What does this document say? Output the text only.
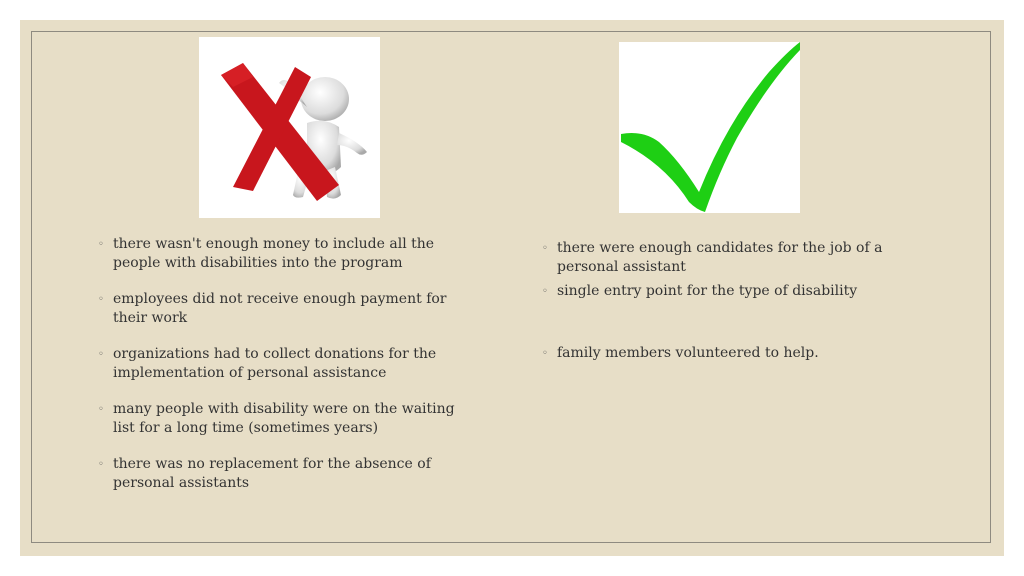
◦ there wasn't enough money to include all the people with disabilities into the program
◦ employees did not receive enough payment for their work
◦ organizations had to collect donations for the implementation of personal assistance
◦ many people with disability were on the waiting list for a long time (sometimes years)
◦ there was no replacement for the absence of personal assistants
◦ there were enough candidates for the job of a personal assistant
◦ single entry point for the type of disability
◦ family members volunteered to help.
